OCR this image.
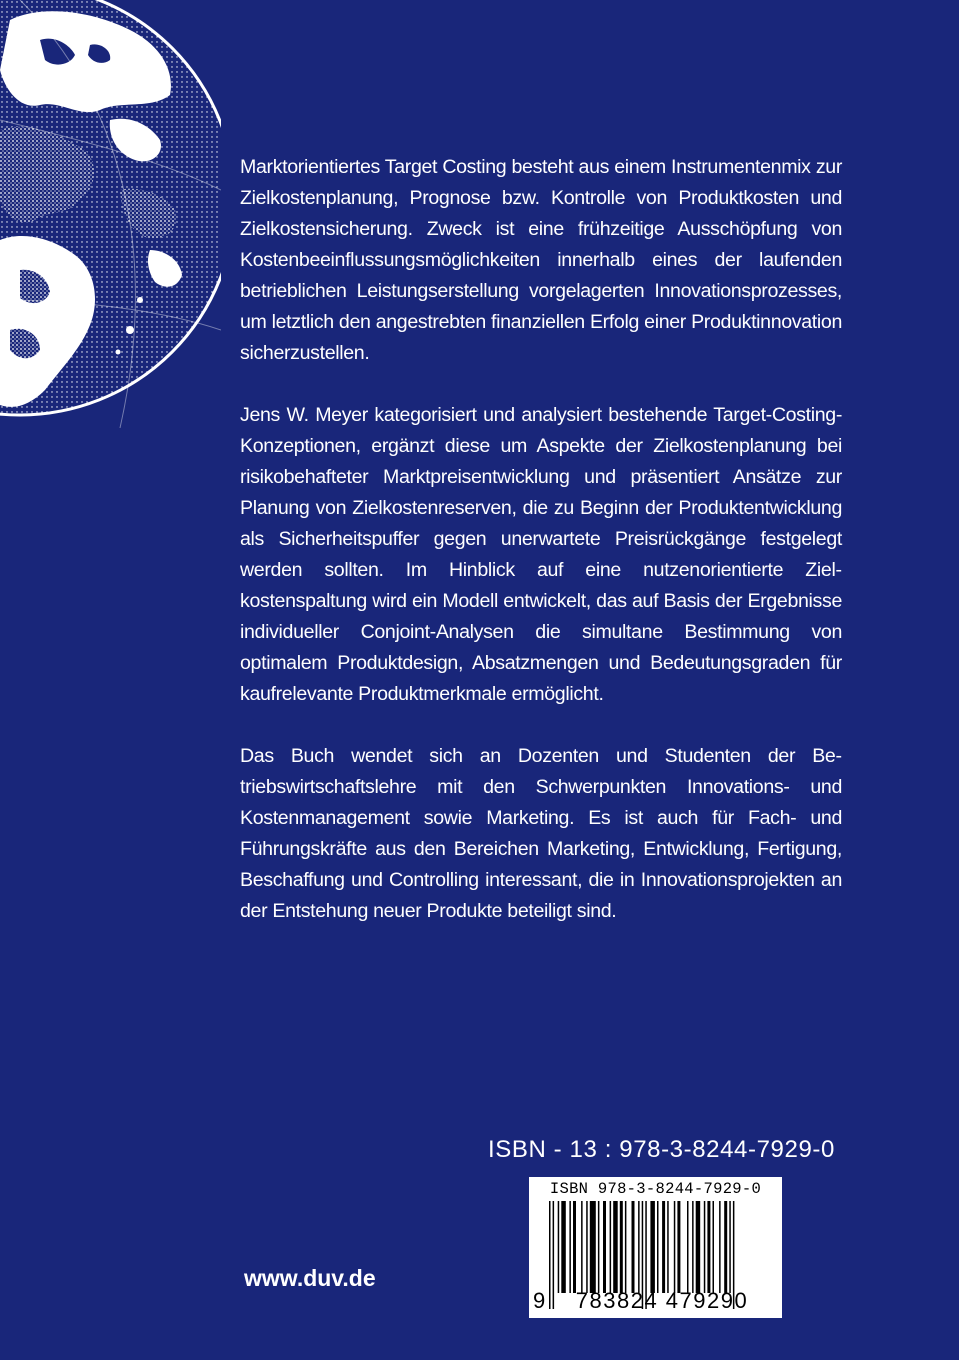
Marktorientiertes Target Costing besteht aus einem Instrumentenmix zur Zielkostenplanung, Prognose bzw. Kontrolle von Produktkosten und Zielkostensicherung. Zweck ist eine frühzeitige Ausschöpfung von Kostenbeeinflussungsmöglichkeiten innerhalb eines der laufenden betrieblichen Leistungserstellung vorgelagerten Innovationsprozesses, um letztlich den angestrebten finanziellen Erfolg einer Produktinnovation sicherzustellen.

Jens W. Meyer kategorisiert und analysiert bestehende Target-Costing-Konzeptionen, ergänzt diese um Aspekte der Zielkostenplanung bei risikobehafteter Marktpreisentwicklung und präsentiert Ansätze zur Planung von Zielkostenreserven, die zu Beginn der Produktentwicklung als Sicherheitspuffer gegen unerwartete Preisrückgänge festgelegt werden sollten. Im Hinblick auf eine nutzenorientierte Zielkostenspaltung wird ein Modell entwickelt, das auf Basis der Ergebnisse individueller Conjoint-Analysen die simultane Bestimmung von optimalem Produktdesign, Absatzmengen und Bedeutungsgraden für kaufrelevante Produktmerkmale ermöglicht.

Das Buch wendet sich an Dozenten und Studenten der Betriebswirtschaftslehre mit den Schwerpunkten Innovations- und Kostenmanagement sowie Marketing. Es ist auch für Fach- und Führungskräfte aus den Bereichen Marketing, Entwicklung, Fertigung, Beschaffung und Controlling interessant, die in Innovationsprojekten an der Entstehung neuer Produkte beteiligt sind.

ISBN - 13 : 978-3-8244-7929-0
ISBN 978-3-8244-7929-0
9	783824 479290
www.duv.de
